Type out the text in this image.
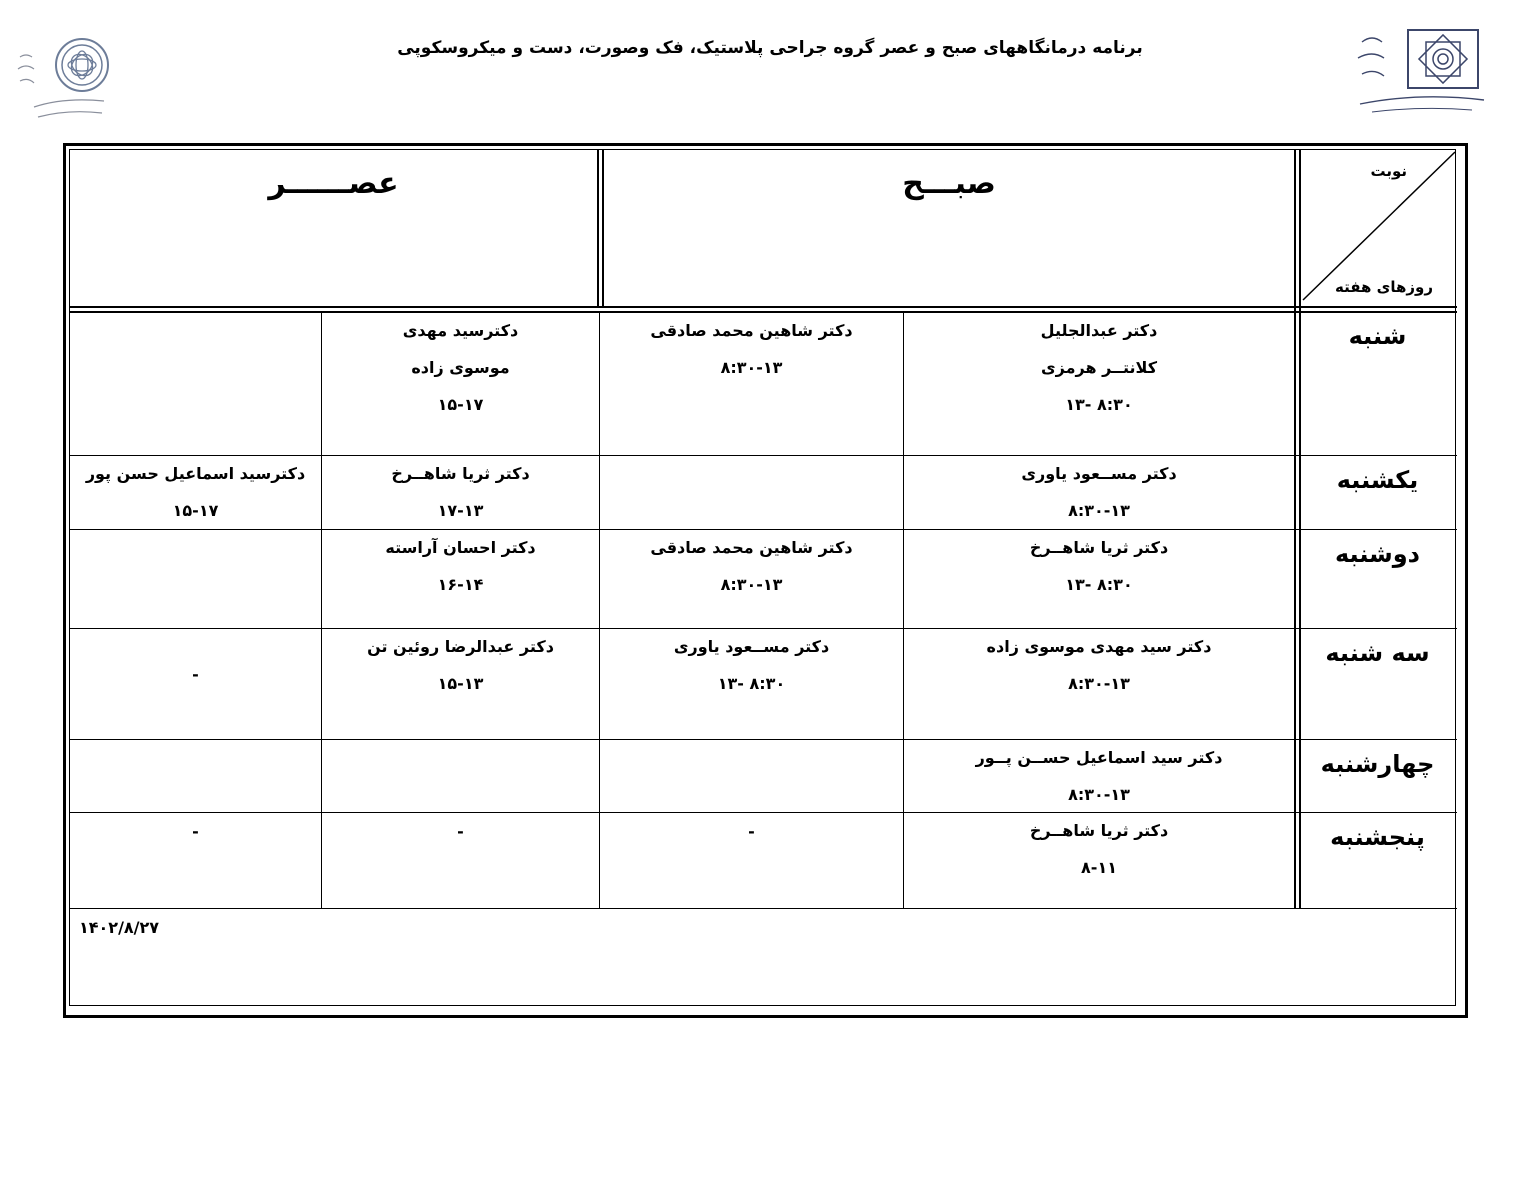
برنامه درمانگاههای صبح و عصر گروه جراحی پلاستیک، فک وصورت، دست و میکروسکوپی
نوبت
روزهای هفته
صبـــح
عصــــــر
شنبه
یکشنبه
دوشنبه
سه شنبه
چهارشنبه
پنجشنبه
دکتر عبدالجلیل
کلانتــر هرمزی
۸:۳۰ -۱۳
دکتر شاهین محمد صادقی
۸:۳۰-۱۳
دکترسید مهدی
موسوی زاده
۱۵-۱۷
دکتر مســعود یاوری
۸:۳۰-۱۳
دکتر ثریا شاهــرخ
۱۷-۱۳
دکترسید اسماعیل حسن پور
۱۵-۱۷
دکتر ثریا شاهــرخ
۸:۳۰ -۱۳
دکتر شاهین محمد صادقی
۸:۳۰-۱۳
دکتر احسان آراسته
۱۶-۱۴
دکتر سید مهدی موسوی زاده
۸:۳۰-۱۳
دکتر مســعود یاوری
۸:۳۰ -۱۳
دکتر عبدالرضا روئین تن
۱۵-۱۳
-
دکتر سید اسماعیل حســن پــور
۸:۳۰-۱۳
دکتر ثریا شاهــرخ
۸-۱۱
-
-
-
۱۴۰۲/۸/۲۷
